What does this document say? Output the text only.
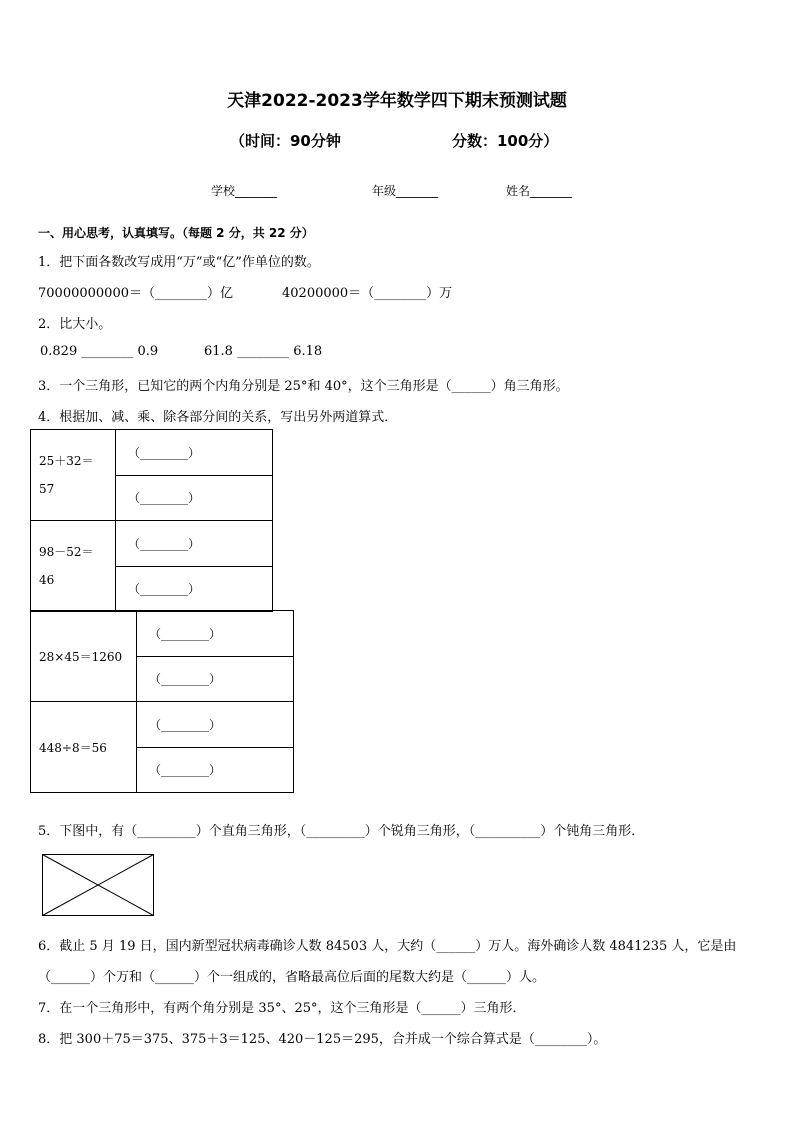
天津2022-2023学年数学四下期末预测试题
（时间：90分钟	分数：100分）
学校_______	年级_______	姓名_______
一、用心思考，认真填写。（每题 2 分，共 22 分）
1．把下面各数改写成用“万”或“亿”作单位的数。
70000000000＝（________）亿	40200000＝（________）万
2．比大小。
0.829 ________ 0.9	61.8 ________ 6.18
3．一个三角形，已知它的两个内角分别是 25°和 40°，这个三角形是（______）角三角形。
4．根据加、减、乘、除各部分间的关系，写出另外两道算式．
25＋32＝
57	（________）
	（________）

98－52＝
46	（________）
	（________）
28×45＝1260	（________）
	（________）
448÷8＝56	（________）
	（________）
5．下图中，有（_________）个直角三角形，（_________）个锐角三角形，（__________）个钝角三角形．
6．截止 5 月 19 日，国内新型冠状病毒确诊人数 84503 人，大约（______）万人。海外确诊人数 4841235 人，它是由
（______）个万和（______）个一组成的，省略最高位后面的尾数大约是（______）人。
7．在一个三角形中，有两个角分别是 35°、25°，这个三角形是（______）三角形．
8．把 300＋75＝375、375＋3＝125、420－125＝295，合并成一个综合算式是（________）。
